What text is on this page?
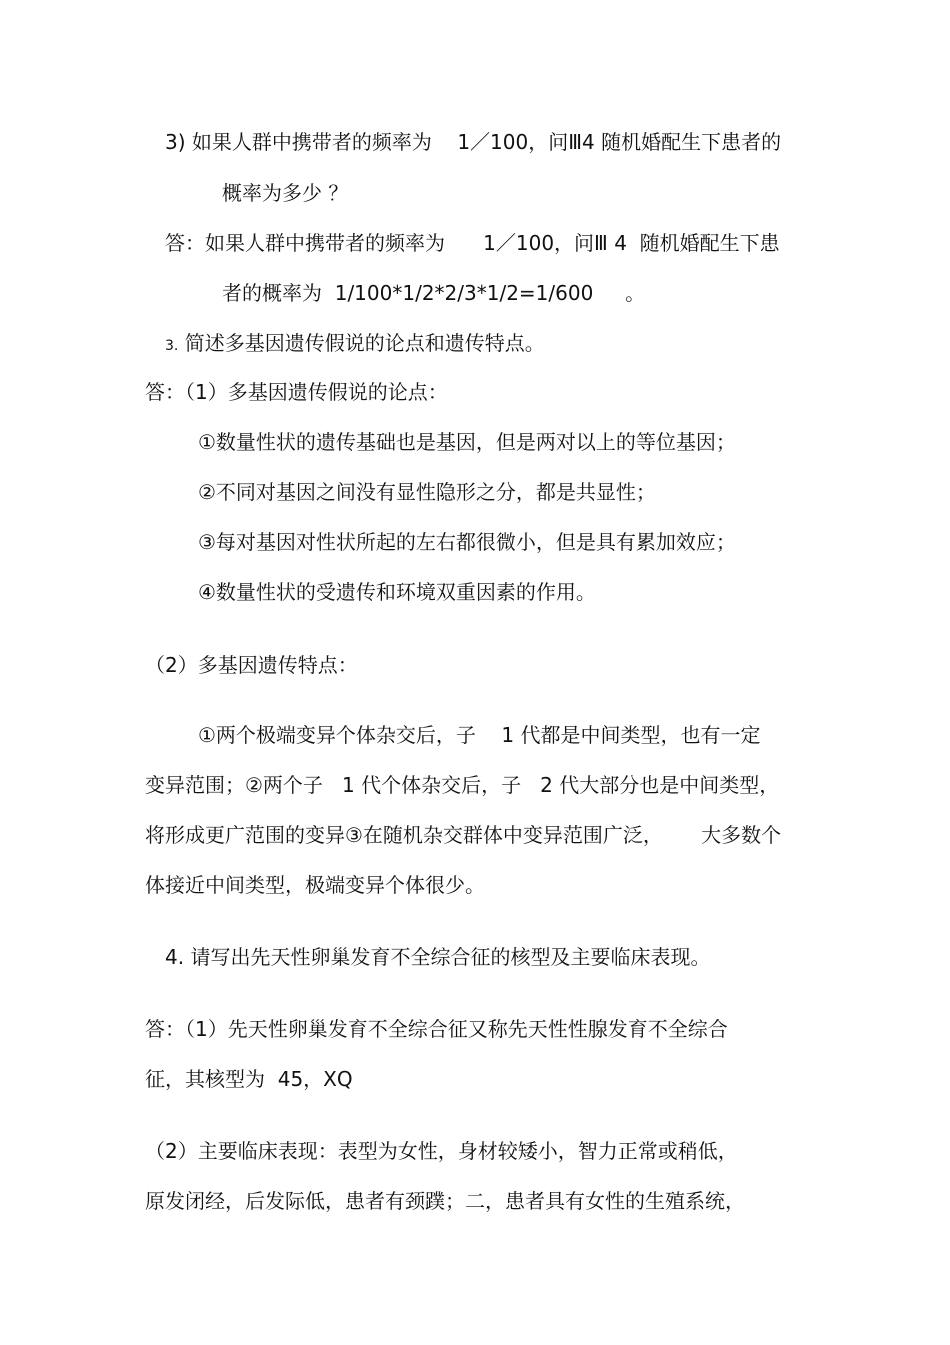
3) 如果人群中携带者的频率为    1／100，问Ⅲ4 随机婚配生下患者的

概率为多少 ？

答：如果人群中携带者的频率为      1／100，问Ⅲ 4  随机婚配生下患

者的概率为  1/100*1/2*2/3*1/2=1/600     。

3. 简述多基因遗传假说的论点和遗传特点。

答：（1）多基因遗传假说的论点：

①数量性状的遗传基础也是基因，但是两对以上的等位基因；

②不同对基因之间没有显性隐形之分，都是共显性；

③每对基因对性状所起的左右都很微小，但是具有累加效应；

④数量性状的受遗传和环境双重因素的作用。

（2）多基因遗传特点：

①两个极端变异个体杂交后，子    1 代都是中间类型，也有一定

变异范围；②两个子   1 代个体杂交后，子   2 代大部分也是中间类型，

将形成更广范围的变异③在随机杂交群体中变异范围广泛，      大多数个

体接近中间类型，极端变异个体很少。

4. 请写出先天性卵巢发育不全综合征的核型及主要临床表现。

答：（1）先天性卵巢发育不全综合征又称先天性性腺发育不全综合

征，其核型为  45，XQ

（2）主要临床表现：表型为女性，身材较矮小，智力正常或稍低，

原发闭经，后发际低，患者有颈蹼；二，患者具有女性的生殖系统，
